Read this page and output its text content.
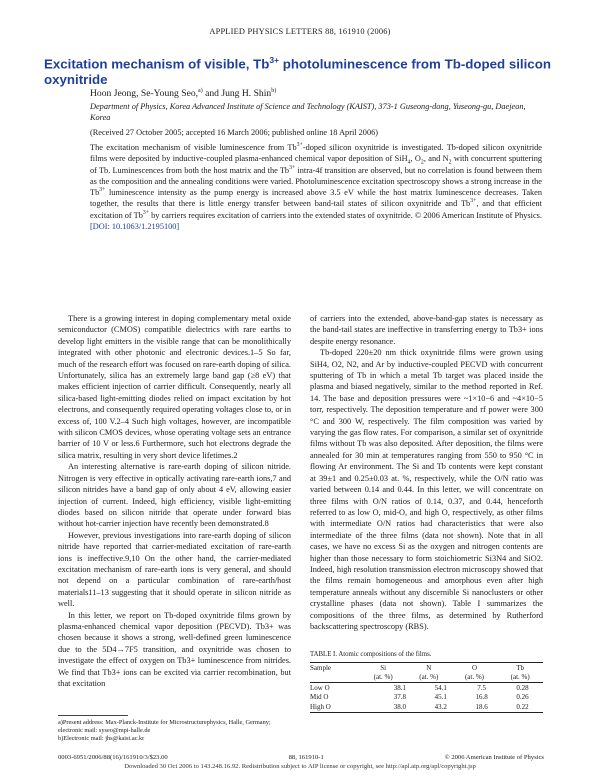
APPLIED PHYSICS LETTERS 88, 161910 (2006)
Excitation mechanism of visible, $Tb^{3+}$ photoluminescence from Tb-doped silicon oxynitride
Hoon Jeong, Se-Young Seo,$^{a)}$ and Jung H. Shin$^{b)}$
Department of Physics, Korea Advanced Institute of Science and Technology (KAIST), 373-1 Guseong-dong, Yuseong-gu, Daejeon, Korea
(Received 27 October 2005; accepted 16 March 2006; published online 18 April 2006)
The excitation mechanism of visible luminescence from $Tb^{3+}$-doped silicon oxynitride is investigated. Tb-doped silicon oxynitride films were deposited by inductive-coupled plasma-enhanced chemical vapor deposition of SiH$_4$, $O_2$, and $N_2$ with concurrent sputtering of Tb. Luminescences from both the host matrix and the $Tb^{3+}$ intra-4f transition are observed, but no correlation is found between them as the composition and the annealing conditions were varied. Photoluminescence excitation spectroscopy shows a strong increase in the $Tb^{3+}$ luminescence intensity as the pump energy is increased above 3.5 eV while the host matrix luminescence decreases. Taken together, the results that there is little energy transfer between band-tail states of silicon oxynitride and $Tb^{3+}$, and that efficient excitation of $Tb^{3+}$ by carriers requires excitation of carriers into the extended states of oxynitride. © 2006 American Institute of Physics.
[DOI: 10.1063/1.2195100]

There is a growing interest in doping complementary metal oxide semiconductor (CMOS) compatible dielectrics with rare earths to develop light emitters in the visible range that can be monolithically integrated with other photonic and electronic devices.1–5 So far, much of the research effort was focused on rare-earth doping of silica. Unfortunately, silica has an extremely large band gap (≥8 eV) that makes efficient injection of carrier difficult. Consequently, nearly all silica-based light-emitting diodes relied on impact excitation by hot electrons, and consequently required operating voltages close to, or in excess of, 100 V.2–4 Such high voltages, however, are incompatible with silicon CMOS devices, whose operating voltage sets an entrance barrier of 10 V or less.6 Furthermore, such hot electrons degrade the silica matrix, resulting in very short device lifetimes.2

An interesting alternative is rare-earth doping of silicon nitride. Nitrogen is very effective in optically activating rare-earth ions,7 and silicon nitrides have a band gap of only about 4 eV, allowing easier injection of current. Indeed, high efficiency, visible light-emitting diodes based on silicon nitride that operate under forward bias without hot-carrier injection have recently been demonstrated.8

However, previous investigations into rare-earth doping of silicon nitride have reported that carrier-mediated excitation of rare-earth ions is ineffective.9,10 On the other hand, the carrier-mediated excitation mechanism of rare-earth ions is very general, and should not depend on a particular combination of rare-earth/host materials11–13 suggesting that it should operate in silicon nitride as well.

In this letter, we report on Tb-doped oxynitride films grown by plasma-enhanced chemical vapor deposition (PECVD). Tb3+ was chosen because it shows a strong, well-defined green luminescence due to the 5D4→7F5 transition, and oxynitride was chosen to investigate the effect of oxygen on Tb3+ luminescence from nitrides. We find that Tb3+ ions can be excited via carrier recombination, but that excitation

of carriers into the extended, above-band-gap states is necessary as the band-tail states are ineffective in transferring energy to Tb3+ ions despite energy resonance.

Tb-doped 220±20 nm thick oxynitride films were grown using SiH4, O2, N2, and Ar by inductive-coupled PECVD with concurrent sputtering of Tb in which a metal Tb target was placed inside the plasma and biased negatively, similar to the method reported in Ref. 14. The base and deposition pressures were ~1×10−6 and ~4×10−5 torr, respectively. The deposition temperature and rf power were 300 °C and 300 W, respectively. The film composition was varied by varying the gas flow rates. For comparison, a similar set of oxynitride films without Tb was also deposited. After deposition, the films were annealed for 30 min at temperatures ranging from 550 to 950 °C in flowing Ar environment. The Si and Tb contents were kept constant at 39±1 and 0.25±0.03 at. %, respectively, while the O/N ratio was varied between 0.14 and 0.44. In this letter, we will concentrate on three films with O/N ratios of 0.14, 0.37, and 0.44, henceforth referred to as low O, mid-O, and high O, respectively, as other films with intermediate O/N ratios had characteristics that were also intermediate of the three films (data not shown). Note that in all cases, we have no excess Si as the oxygen and nitrogen contents are higher than those necessary to form stoichiometric Si3N4 and SiO2. Indeed, high resolution transmission electron microscopy showed that the films remain homogeneous and amorphous even after high temperature anneals without any discernible Si nanoclusters or other crystalline phases (data not shown). Table I summarizes the compositions of the three films, as determined by Rutherford backscattering spectroscopy (RBS).

TABLE I. Atomic compositions of the films.
Sample	Si	N	O	Tb
	(at. %)	(at. %)	(at. %)	(at. %)
Low O	38.1	54.1	7.5	0.28
Mid O	37.8	45.1	16.8	0.26
High O	38.0	43.2	18.6	0.22
a)Present address: Max-Planck-Institute for Microstructurephysics, Halle, Germany; electronic mail: syseo@mpi-halle.de
b)Electronic mail: jhs@kaist.ac.kr
0003-6951/2006/88(16)/161910/3/$23.00	88, 161910-1	© 2006 American Institute of Physics
Downloaded 30 Oct 2006 to 143.248.16.92. Redistribution subject to AIP license or copyright, see http://apl.aip.org/apl/copyright.jsp
